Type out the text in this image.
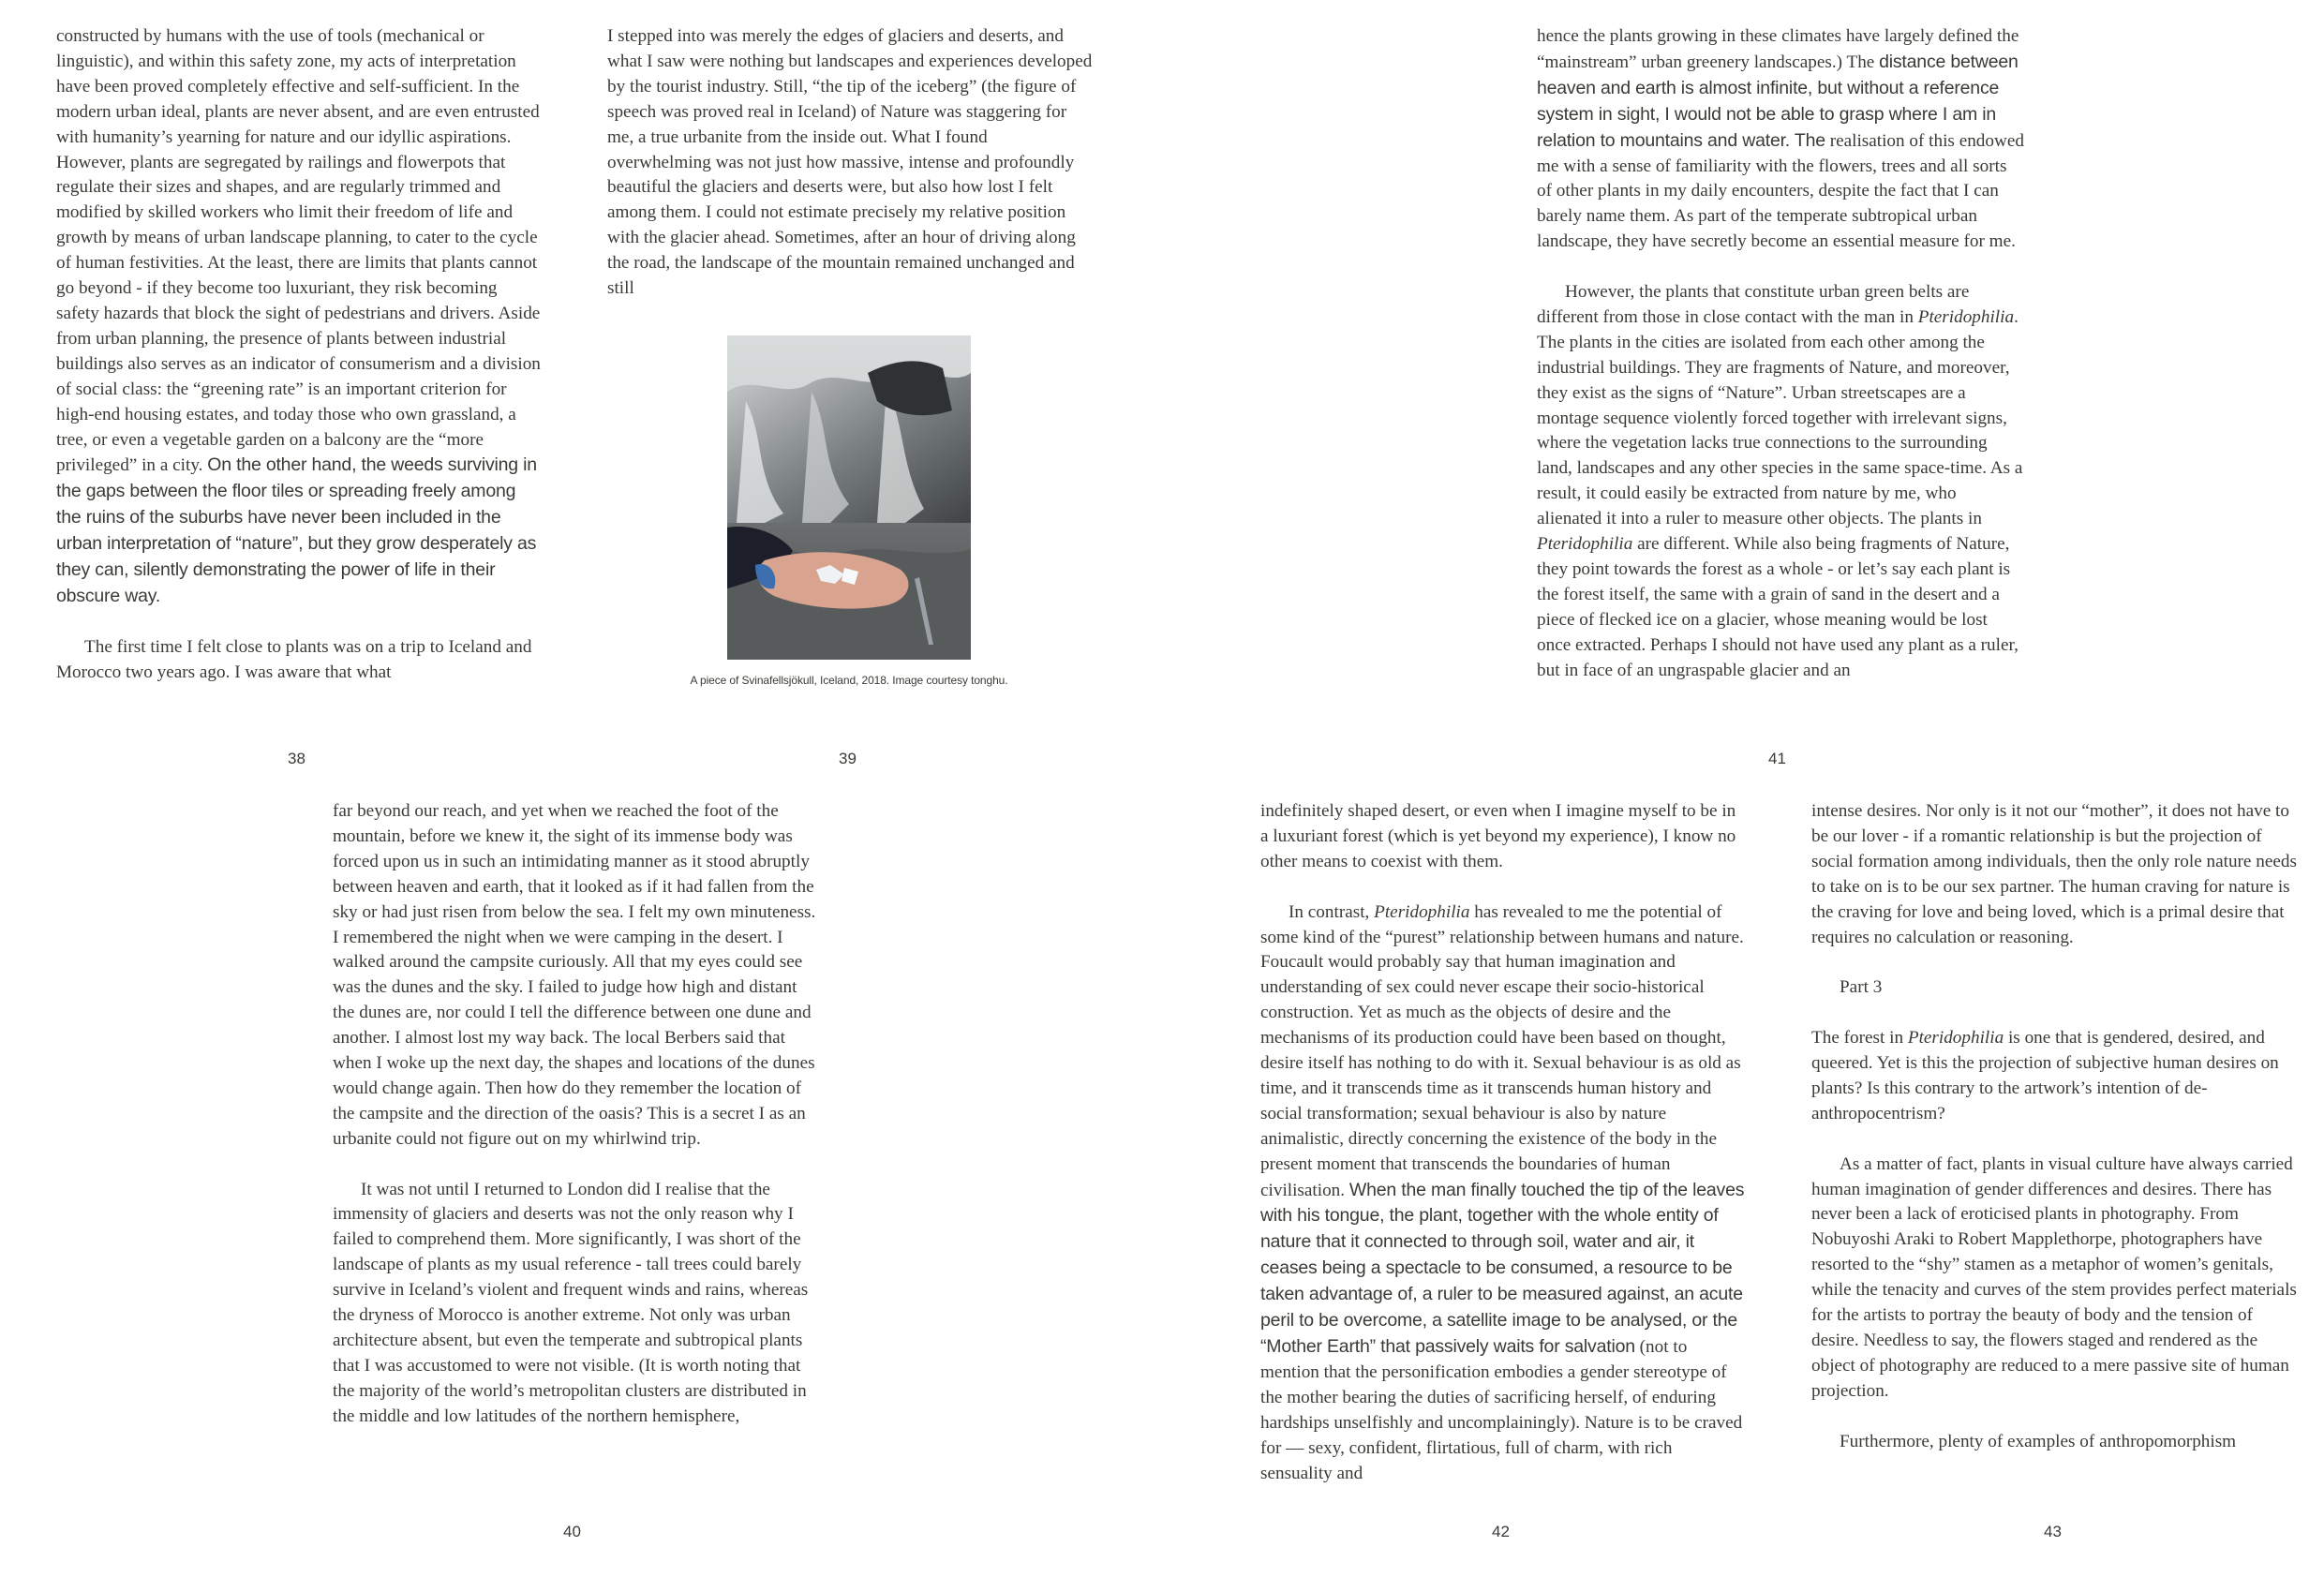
constructed by humans with the use of tools (mechanical or linguistic), and within this safety zone, my acts of interpretation have been proved completely effective and self-sufficient. In the modern urban ideal, plants are never absent, and are even entrusted with humanity’s yearning for nature and our idyllic aspirations. However, plants are segregated by railings and flowerpots that regulate their sizes and shapes, and are regularly trimmed and modified by skilled workers who limit their freedom of life and growth by means of urban landscape planning, to cater to the cycle of human festivities. At the least, there are limits that plants cannot go beyond - if they become too luxuriant, they risk becoming safety hazards that block the sight of pedestrians and drivers. Aside from urban planning, the presence of plants between industrial buildings also serves as an indicator of consumerism and a division of social class: the “greening rate” is an important criterion for high-end housing estates, and today those who own grassland, a tree, or even a vegetable garden on a balcony are the “more privileged” in a city. On the other hand, the weeds surviving in the gaps between the floor tiles or spreading freely among the ruins of the suburbs have never been included in the urban interpretation of “nature”, but they grow desperately as they can, silently demonstrating the power of life in their obscure way.

The first time I felt close to plants was on a trip to Iceland and Morocco two years ago. I was aware that what

38

I stepped into was merely the edges of glaciers and deserts, and what I saw were nothing but landscapes and experiences developed by the tourist industry. Still, “the tip of the iceberg” (the figure of speech was proved real in Iceland) of Nature was staggering for me, a true urbanite from the inside out. What I found overwhelming was not just how massive, intense and profoundly beautiful the glaciers and deserts were, but also how lost I felt among them. I could not estimate precisely my relative position with the glacier ahead. Sometimes, after an hour of driving along the road, the landscape of the mountain remained unchanged and still

A piece of Svinafellsjökull, Iceland, 2018. Image courtesy tonghu.
39

hence the plants growing in these climates have largely defined the “mainstream” urban greenery landscapes.) The distance between heaven and earth is almost infinite, but without a reference system in sight, I would not be able to grasp where I am in relation to mountains and water. The realisation of this endowed me with a sense of familiarity with the flowers, trees and all sorts of other plants in my daily encounters, despite the fact that I can barely name them. As part of the temperate subtropical urban landscape, they have secretly become an essential measure for me.

However, the plants that constitute urban green belts are different from those in close contact with the man in Pteridophilia. The plants in the cities are isolated from each other among the industrial buildings. They are fragments of Nature, and moreover, they exist as the signs of “Nature”. Urban streetscapes are a montage sequence violently forced together with irrelevant signs, where the vegetation lacks true connections to the surrounding land, landscapes and any other species in the same space-time. As a result, it could easily be extracted from nature by me, who alienated it into a ruler to measure other objects. The plants in Pteridophilia are different. While also being fragments of Nature, they point towards the forest as a whole - or let’s say each plant is the forest itself, the same with a grain of sand in the desert and a piece of flecked ice on a glacier, whose meaning would be lost once extracted. Perhaps I should not have used any plant as a ruler, but in face of an ungraspable glacier and an

41

far beyond our reach, and yet when we reached the foot of the mountain, before we knew it, the sight of its immense body was forced upon us in such an intimidating manner as it stood abruptly between heaven and earth, that it looked as if it had fallen from the sky or had just risen from below the sea. I felt my own minuteness. I remembered the night when we were camping in the desert. I walked around the campsite curiously. All that my eyes could see was the dunes and the sky. I failed to judge how high and distant the dunes are, nor could I tell the difference between one dune and another. I almost lost my way back. The local Berbers said that when I woke up the next day, the shapes and locations of the dunes would change again. Then how do they remember the location of the campsite and the direction of the oasis? This is a secret I as an urbanite could not figure out on my whirlwind trip.

It was not until I returned to London did I realise that the immensity of glaciers and deserts was not the only reason why I failed to comprehend them. More significantly, I was short of the landscape of plants as my usual reference - tall trees could barely survive in Iceland’s violent and frequent winds and rains, whereas the dryness of Morocco is another extreme. Not only was urban architecture absent, but even the temperate and subtropical plants that I was accustomed to were not visible. (It is worth noting that the majority of the world’s metropolitan clusters are distributed in the middle and low latitudes of the northern hemisphere,

40

indefinitely shaped desert, or even when I imagine myself to be in a luxuriant forest (which is yet beyond my experience), I know no other means to coexist with them.

In contrast, Pteridophilia has revealed to me the potential of some kind of the “purest” relationship between humans and nature. Foucault would probably say that human imagination and understanding of sex could never escape their socio-historical construction. Yet as much as the objects of desire and the mechanisms of its production could have been based on thought, desire itself has nothing to do with it. Sexual behaviour is as old as time, and it transcends time as it transcends human history and social transformation; sexual behaviour is also by nature animalistic, directly concerning the existence of the body in the present moment that transcends the boundaries of human civilisation. When the man finally touched the tip of the leaves with his tongue, the plant, together with the whole entity of nature that it connected to through soil, water and air, it ceases being a spectacle to be consumed, a resource to be taken advantage of, a ruler to be measured against, an acute peril to be overcome, a satellite image to be analysed, or the “Mother Earth” that passively waits for salvation (not to mention that the personification embodies a gender stereotype of the mother bearing the duties of sacrificing herself, of enduring hardships unselfishly and uncomplainingly). Nature is to be craved for — sexy, confident, flirtatious, full of charm, with rich sensuality and

42

intense desires. Nor only is it not our “mother”, it does not have to be our lover - if a romantic relationship is but the projection of social formation among individuals, then the only role nature needs to take on is to be our sex partner. The human craving for nature is the craving for love and being loved, which is a primal desire that requires no calculation or reasoning.

Part 3

The forest in Pteridophilia is one that is gendered, desired, and queered. Yet is this the projection of subjective human desires on plants? Is this contrary to the artwork’s intention of de-anthropocentrism?

As a matter of fact, plants in visual culture have always carried human imagination of gender differences and desires. There has never been a lack of eroticised plants in photography. From Nobuyoshi Araki to Robert Mapplethorpe, photographers have resorted to the “shy” stamen as a metaphor of women’s genitals, while the tenacity and curves of the stem provides perfect materials for the artists to portray the beauty of body and the tension of desire. Needless to say, the flowers staged and rendered as the object of photography are reduced to a mere passive site of human projection.

Furthermore, plenty of examples of anthropomorphism

43
